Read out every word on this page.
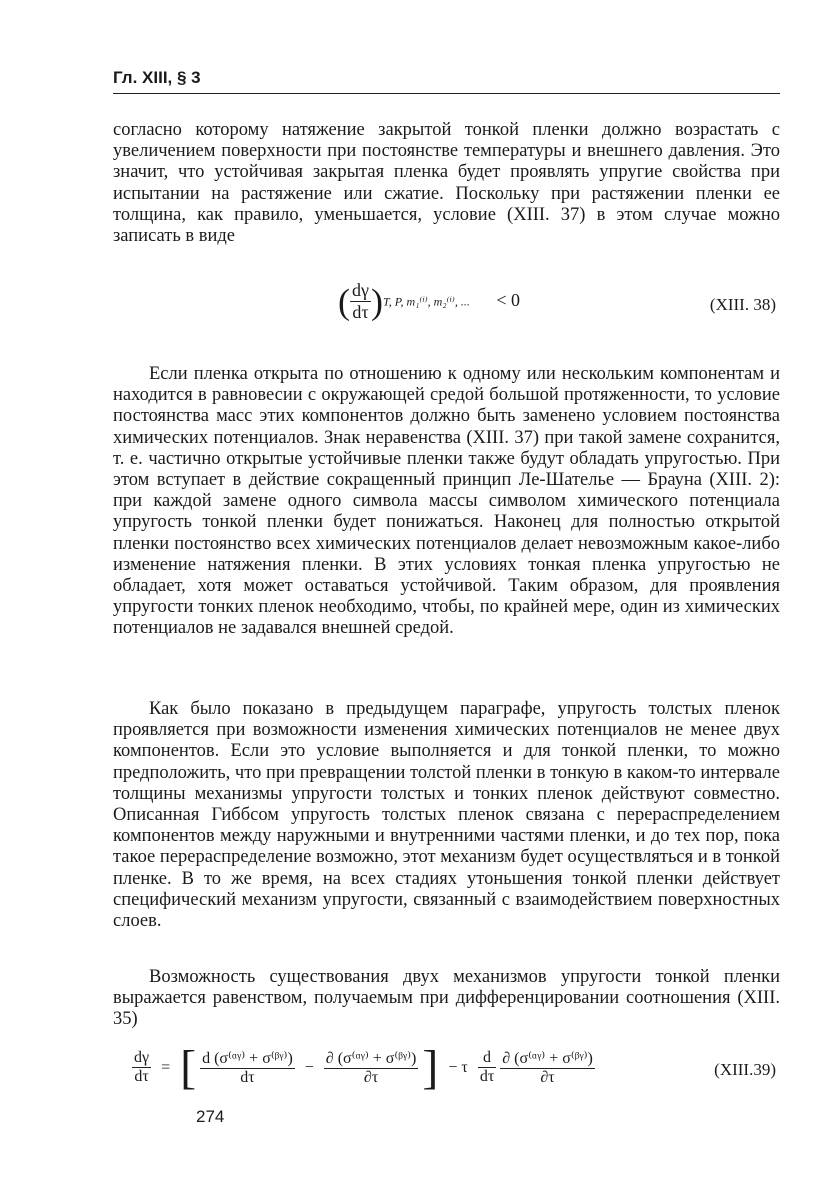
Гл. XIII, § 3

согласно которому натяжение закрытой тонкой пленки должно возрастать с увеличением поверхности при постоянстве температуры и внешнего давления. Это значит, что устойчивая закрытая пленка будет проявлять упругие свойства при испытании на растяжение или сжатие. Поскольку при растяжении пленки ее толщина, как правило, уменьшается, условие (XIII. 37) в этом случае можно записать в виде

( $\frac{d\gamma}{d\tau} )T$, P, m₁⁽ⁱ⁾, m₂⁽ⁱ⁾, ... < 0	(XIII. 38)

Если пленка открыта по отношению к одному или нескольким компонентам и находится в равновесии с окружающей средой большой протяженности, то условие постоянства масс этих компонентов должно быть заменено условием постоянства химических потенциалов. Знак неравенства (XIII. 37) при такой замене сохранится, т. е. частично открытые устойчивые пленки также будут обладать упругостью. При этом вступает в действие сокращенный принцип Ле-Шателье — Брауна (XIII. 2): при каждой замене одного символа массы символом химического потенциала упругость тонкой пленки будет понижаться. Наконец для полностью открытой пленки постоянство всех химических потенциалов делает невозможным какое-либо изменение натяжения пленки. В этих условиях тонкая пленка упругостью не обладает, хотя может оставаться устойчивой. Таким образом, для проявления упругости тонких пленок необходимо, чтобы, по крайней мере, один из химических потенциалов не задавался внешней средой.

Как было показано в предыдущем параграфе, упругость толстых пленок проявляется при возможности изменения химических потенциалов не менее двух компонентов. Если это условие выполняется и для тонкой пленки, то можно предположить, что при превращении толстой пленки в тонкую в каком-то интервале толщины механизмы упругости толстых и тонких пленок действуют совместно. Описанная Гиббсом упругость толстых пленок связана с перераспределением компонентов между наружными и внутренними частями пленки, и до тех пор, пока такое перераспределение возможно, этот механизм будет осуществляться и в тонкой пленке. В то же время, на всех стадиях утоньшения тонкой пленки действует специфический механизм упругости, связанный с взаимодействием поверхностных слоев.

Возможность существования двух механизмов упругости тонкой пленки выражается равенством, получаемым при дифференцировании соотношения (XIII. 35)

$\frac{d\gamma}{d\tau}$ = [ $\frac{\text{d (σ⁽ᵅᵞ⁾ + σ⁽ᵝᵞ⁾)}}{d\tau} - \frac{\text{∂ (σ⁽ᵅᵞ⁾ + σ⁽ᵝᵞ⁾)}}{\partial\tau}$ ] − τ $\frac{d}{d\tau}$
$\frac{\text{∂ (σ⁽ᵅᵞ⁾ + σ⁽ᵝᵞ⁾)}}{\partial\tau}$	(XIII.39)
274
